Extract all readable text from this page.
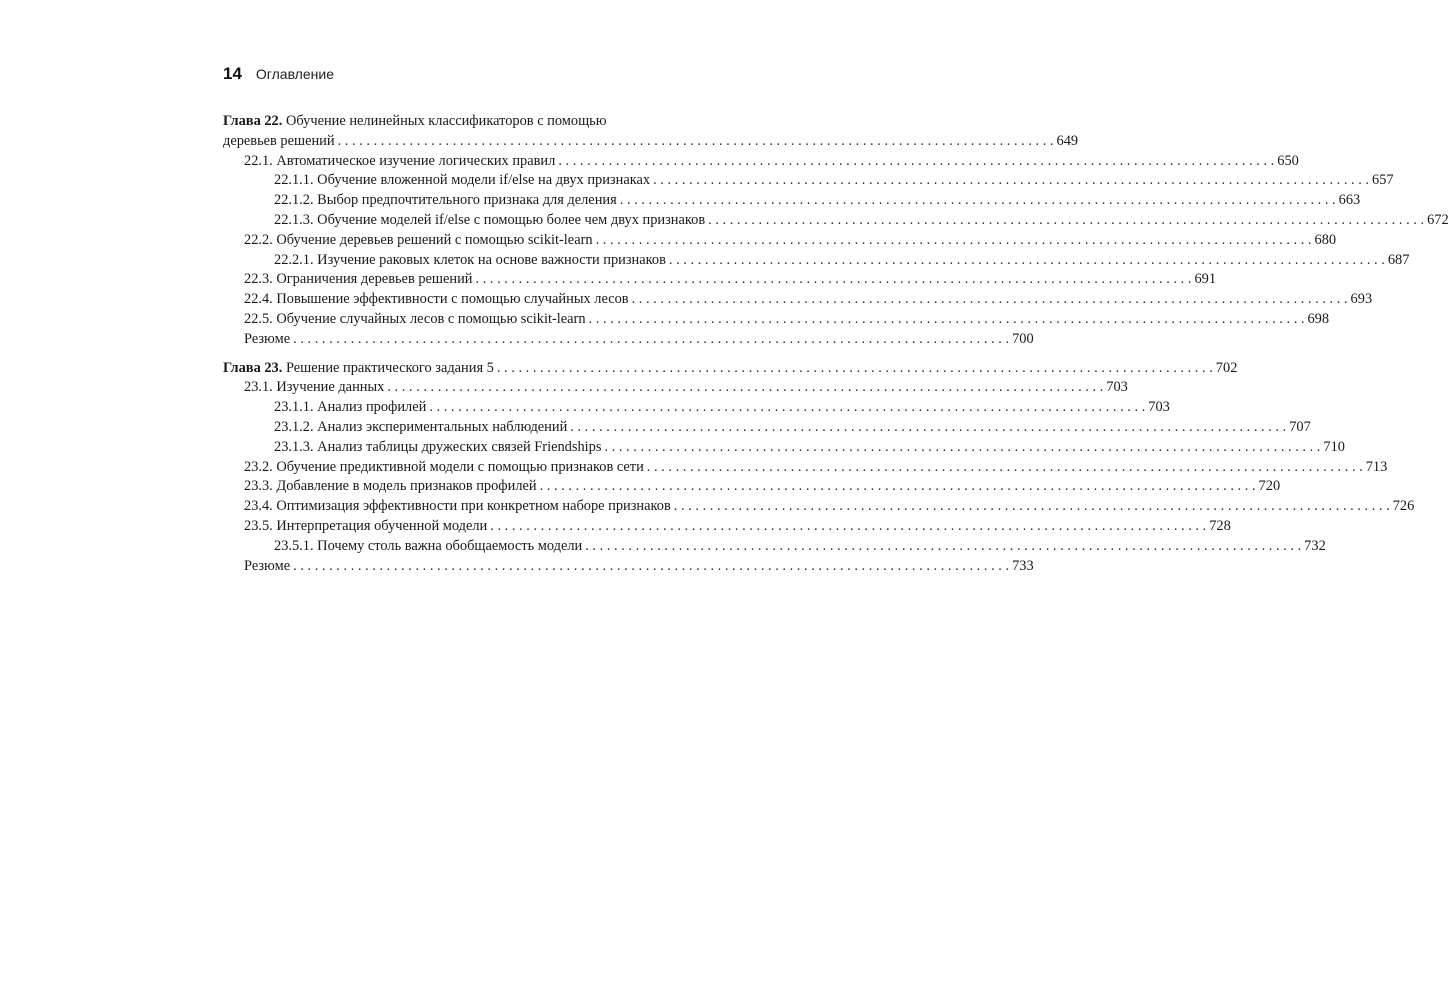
14 Оглавление
Глава 22. Обучение нелинейных классификаторов с помощью
деревьев решений . . . . . . . . . . . . . . . . . . . . . . . . . . . . . . . . . . . . . . . . . . . . . . . . . . . . . . . . . . . . . . . . . . . . . . . . . . . . . . . . . . . . . . . . . . . . . . . . . . . . 649
22.1. Автоматическое изучение логических правил . . . . . . . . . . . . . . . . . . . . . . . . . . . . . . . . . . . . . . . . . . . . . . . . . . . . . . . . . . . . . . . . . . . . . . . . . . . . . . . . . . . . . . . . . . . . . . . . . . . . 650
22.1.1. Обучение вложенной модели if/else на двух признаках . . . . . . . . . . . . . . . . . . . . . . . . . . . . . . . . . . . . . . . . . . . . . . . . . . . . . . . . . . . . . . . . . . . . . . . . . . . . . . . . . . . . . . . . . . . . . . . . . . . . 657
22.1.2. Выбор предпочтительного признака для деления . . . . . . . . . . . . . . . . . . . . . . . . . . . . . . . . . . . . . . . . . . . . . . . . . . . . . . . . . . . . . . . . . . . . . . . . . . . . . . . . . . . . . . . . . . . . . . . . . . . . 663
22.1.3. Обучение моделей if/else с помощью более чем двух признаков . . . . . . . . . . . . . . . . . . . . . . . . . . . . . . . . . . . . . . . . . . . . . . . . . . . . . . . . . . . . . . . . . . . . . . . . . . . . . . . . . . . . . . . . . . . . . . . . . . . . 672
22.2. Обучение деревьев решений с помощью scikit-learn . . . . . . . . . . . . . . . . . . . . . . . . . . . . . . . . . . . . . . . . . . . . . . . . . . . . . . . . . . . . . . . . . . . . . . . . . . . . . . . . . . . . . . . . . . . . . . . . . . . . 680
22.2.1. Изучение раковых клеток на основе важности признаков . . . . . . . . . . . . . . . . . . . . . . . . . . . . . . . . . . . . . . . . . . . . . . . . . . . . . . . . . . . . . . . . . . . . . . . . . . . . . . . . . . . . . . . . . . . . . . . . . . . . 687
22.3. Ограничения деревьев решений . . . . . . . . . . . . . . . . . . . . . . . . . . . . . . . . . . . . . . . . . . . . . . . . . . . . . . . . . . . . . . . . . . . . . . . . . . . . . . . . . . . . . . . . . . . . . . . . . . . . 691
22.4. Повышение эффективности с помощью случайных лесов . . . . . . . . . . . . . . . . . . . . . . . . . . . . . . . . . . . . . . . . . . . . . . . . . . . . . . . . . . . . . . . . . . . . . . . . . . . . . . . . . . . . . . . . . . . . . . . . . . . . 693
22.5. Обучение случайных лесов с помощью scikit-learn . . . . . . . . . . . . . . . . . . . . . . . . . . . . . . . . . . . . . . . . . . . . . . . . . . . . . . . . . . . . . . . . . . . . . . . . . . . . . . . . . . . . . . . . . . . . . . . . . . . . 698
Резюме . . . . . . . . . . . . . . . . . . . . . . . . . . . . . . . . . . . . . . . . . . . . . . . . . . . . . . . . . . . . . . . . . . . . . . . . . . . . . . . . . . . . . . . . . . . . . . . . . . . . 700
Глава 23. Решение практического задания 5 . . . . . . . . . . . . . . . . . . . . . . . . . . . . . . . . . . . . . . . . . . . . . . . . . . . . . . . . . . . . . . . . . . . . . . . . . . . . . . . . . . . . . . . . . . . . . . . . . . . . 702
23.1. Изучение данных . . . . . . . . . . . . . . . . . . . . . . . . . . . . . . . . . . . . . . . . . . . . . . . . . . . . . . . . . . . . . . . . . . . . . . . . . . . . . . . . . . . . . . . . . . . . . . . . . . . . 703
23.1.1. Анализ профилей . . . . . . . . . . . . . . . . . . . . . . . . . . . . . . . . . . . . . . . . . . . . . . . . . . . . . . . . . . . . . . . . . . . . . . . . . . . . . . . . . . . . . . . . . . . . . . . . . . . . 703
23.1.2. Анализ экспериментальных наблюдений . . . . . . . . . . . . . . . . . . . . . . . . . . . . . . . . . . . . . . . . . . . . . . . . . . . . . . . . . . . . . . . . . . . . . . . . . . . . . . . . . . . . . . . . . . . . . . . . . . . . 707
23.1.3. Анализ таблицы дружеских связей Friendships . . . . . . . . . . . . . . . . . . . . . . . . . . . . . . . . . . . . . . . . . . . . . . . . . . . . . . . . . . . . . . . . . . . . . . . . . . . . . . . . . . . . . . . . . . . . . . . . . . . . 710
23.2. Обучение предиктивной модели с помощью признаков сети . . . . . . . . . . . . . . . . . . . . . . . . . . . . . . . . . . . . . . . . . . . . . . . . . . . . . . . . . . . . . . . . . . . . . . . . . . . . . . . . . . . . . . . . . . . . . . . . . . . . 713
23.3. Добавление в модель признаков профилей . . . . . . . . . . . . . . . . . . . . . . . . . . . . . . . . . . . . . . . . . . . . . . . . . . . . . . . . . . . . . . . . . . . . . . . . . . . . . . . . . . . . . . . . . . . . . . . . . . . . 720
23.4. Оптимизация эффективности при конкретном наборе признаков . . . . . . . . . . . . . . . . . . . . . . . . . . . . . . . . . . . . . . . . . . . . . . . . . . . . . . . . . . . . . . . . . . . . . . . . . . . . . . . . . . . . . . . . . . . . . . . . . . . . 726
23.5. Интерпретация обученной модели . . . . . . . . . . . . . . . . . . . . . . . . . . . . . . . . . . . . . . . . . . . . . . . . . . . . . . . . . . . . . . . . . . . . . . . . . . . . . . . . . . . . . . . . . . . . . . . . . . . . 728
23.5.1. Почему столь важна обобщаемость модели . . . . . . . . . . . . . . . . . . . . . . . . . . . . . . . . . . . . . . . . . . . . . . . . . . . . . . . . . . . . . . . . . . . . . . . . . . . . . . . . . . . . . . . . . . . . . . . . . . . . 732
Резюме . . . . . . . . . . . . . . . . . . . . . . . . . . . . . . . . . . . . . . . . . . . . . . . . . . . . . . . . . . . . . . . . . . . . . . . . . . . . . . . . . . . . . . . . . . . . . . . . . . . . 733
